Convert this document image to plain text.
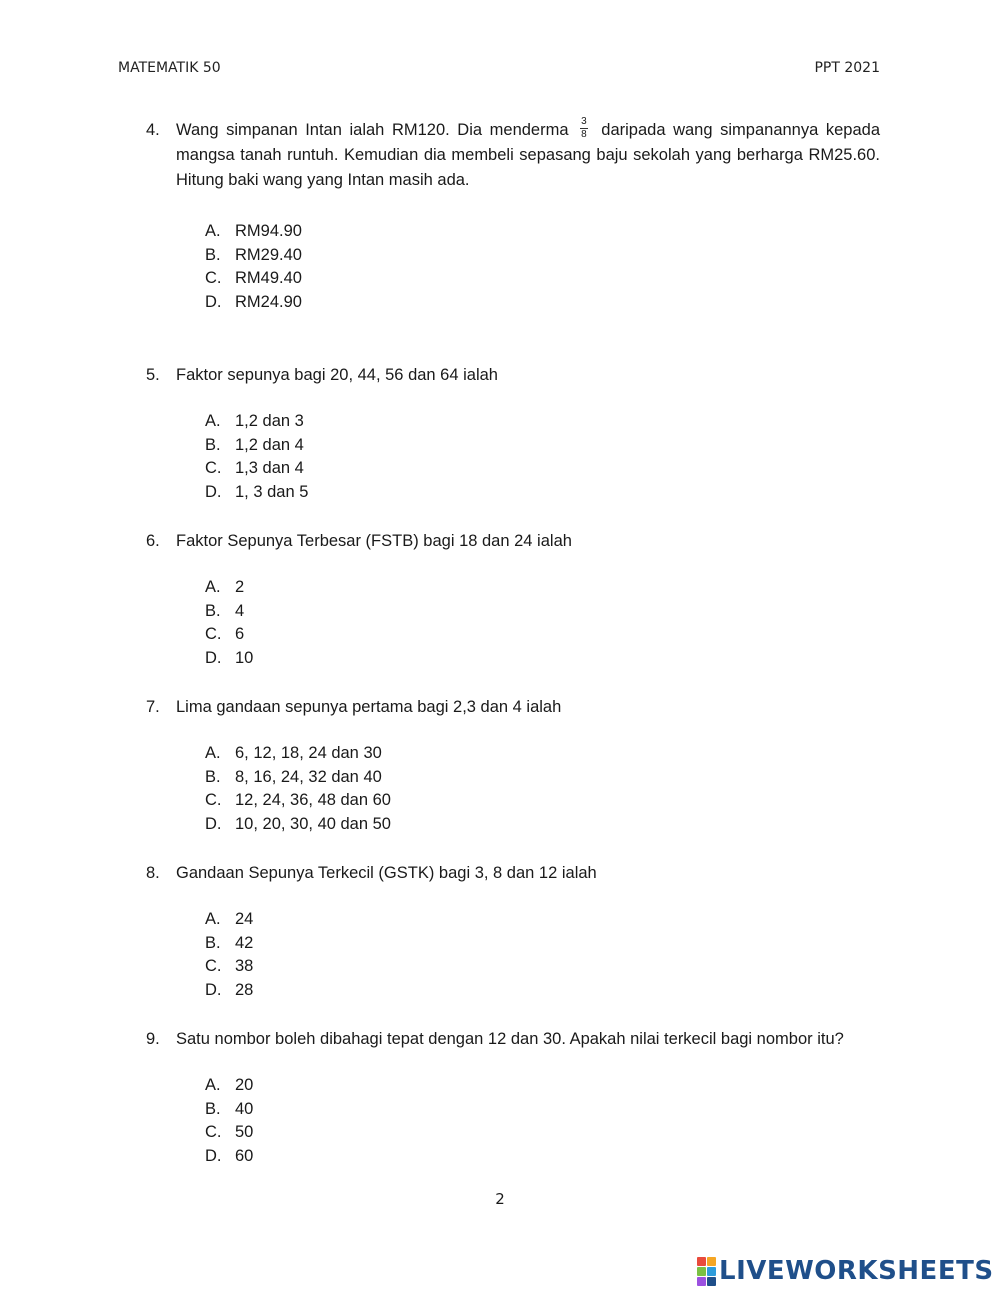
MATEMATIK 50	PPT 2021
4. Wang simpanan Intan ialah RM120. Dia menderma $\frac{3}{8}$ daripada wang simpanannya kepada mangsa tanah runtuh. Kemudian dia membeli sepasang baju sekolah yang berharga RM25.60. Hitung baki wang yang Intan masih ada.
A. RM94.90
B. RM29.40
C. RM49.40
D. RM24.90
5. Faktor sepunya bagi 20, 44, 56 dan 64 ialah
A. 1,2 dan 3
B. 1,2 dan 4
C. 1,3 dan 4
D. 1, 3 dan 5
6. Faktor Sepunya Terbesar (FSTB) bagi 18 dan 24 ialah
A. 2
B. 4
C. 6
D. 10
7. Lima gandaan sepunya pertama bagi 2,3 dan 4 ialah
A. 6, 12, 18, 24 dan 30
B. 8, 16, 24, 32 dan 40
C. 12, 24, 36, 48 dan 60
D. 10, 20, 30, 40 dan 50
8. Gandaan Sepunya Terkecil (GSTK) bagi 3, 8 dan 12 ialah
A. 24
B. 42
C. 38
D. 28
9. Satu nombor boleh dibahagi tepat dengan 12 dan 30. Apakah nilai terkecil bagi nombor itu?
A. 20
B. 40
C. 50
D. 60
2
LIVEWORKSHEETS
